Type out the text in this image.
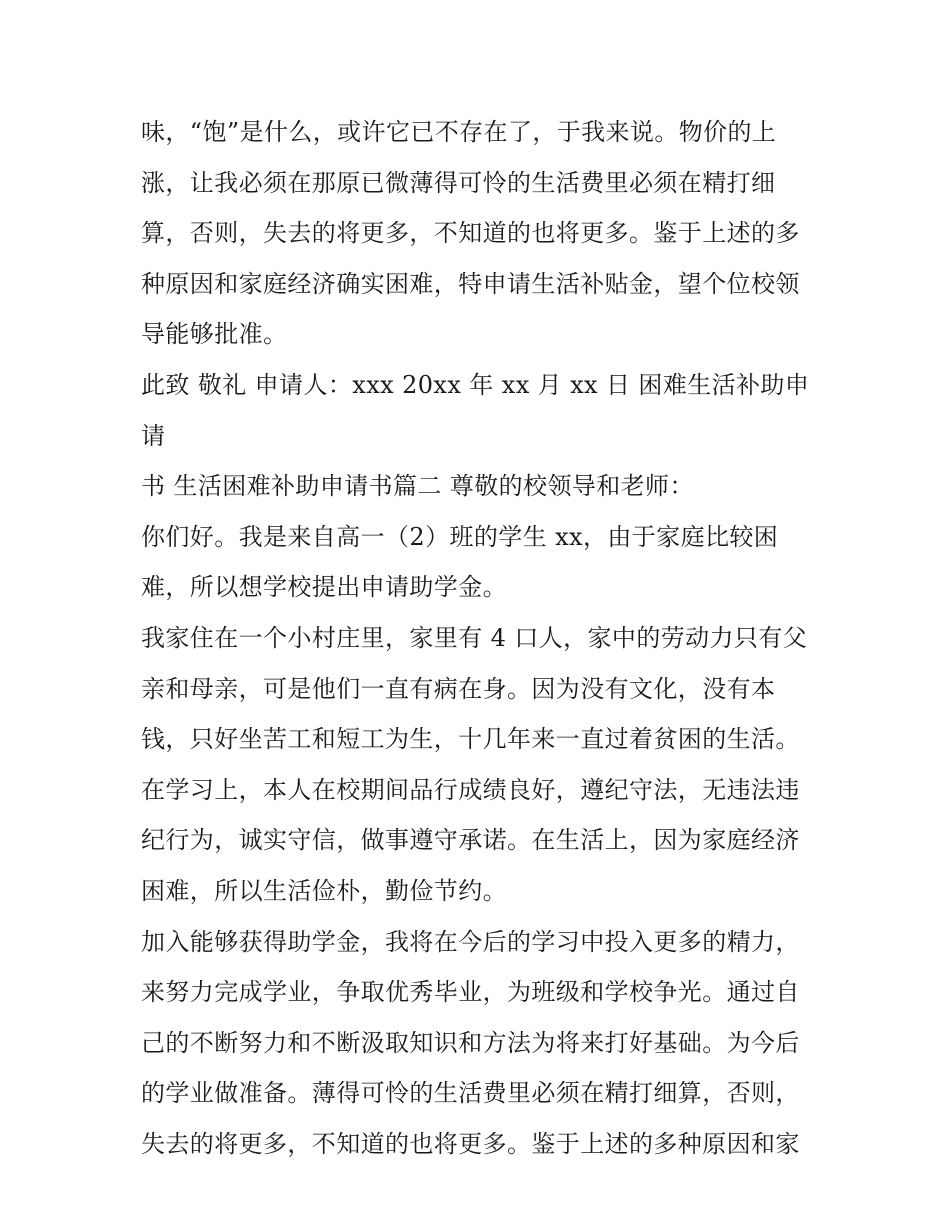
味，“饱”是什么，或许它已不存在了，于我来说。物价的上
涨，让我必须在那原已微薄得可怜的生活费里必须在精打细
算，否则，失去的将更多，不知道的也将更多。鉴于上述的多
种原因和家庭经济确实困难，特申请生活补贴金，望个位校领
导能够批准。

此致 敬礼 申请人：xxx 20xx 年 xx 月 xx 日 困难生活补助申请
书 生活困难补助申请书篇二 尊敬的校领导和老师：

你们好。我是来自高一（2）班的学生 xx，由于家庭比较困
难，所以想学校提出申请助学金。

我家住在一个小村庄里，家里有 4 口人，家中的劳动力只有父
亲和母亲，可是他们一直有病在身。因为没有文化，没有本
钱，只好坐苦工和短工为生，十几年来一直过着贫困的生活。
在学习上，本人在校期间品行成绩良好，遵纪守法，无违法违
纪行为，诚实守信，做事遵守承诺。在生活上，因为家庭经济
困难，所以生活俭朴，勤俭节约。

加入能够获得助学金，我将在今后的学习中投入更多的精力，
来努力完成学业，争取优秀毕业，为班级和学校争光。通过自
己的不断努力和不断汲取知识和方法为将来打好基础。为今后
的学业做准备。薄得可怜的生活费里必须在精打细算，否则，
失去的将更多，不知道的也将更多。鉴于上述的多种原因和家
